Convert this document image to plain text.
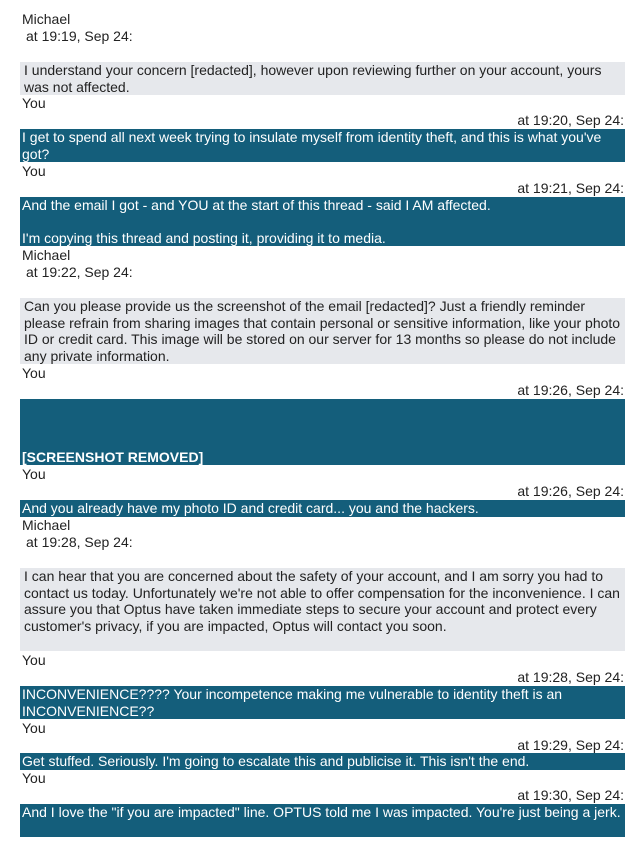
Michael
at 19:19, Sep 24:
I understand your concern [redacted], however upon reviewing further on your account, yours was not affected.
You
at 19:20, Sep 24:
I get to spend all next week trying to insulate myself from identity theft, and this is what you've got?
You
at 19:21, Sep 24:
And the email I got - and YOU at the start of this thread - said I AM affected.

I'm copying this thread and posting it, providing it to media.
Michael
at 19:22, Sep 24:
Can you please provide us the screenshot of the email [redacted]? Just a friendly reminder please refrain from sharing images that contain personal or sensitive information, like your photo ID or credit card. This image will be stored on our server for 13 months so please do not include any private information.
You
at 19:26, Sep 24:

[SCREENSHOT REMOVED]

So, you're calling me a liar now?

You
at 19:26, Sep 24:
And you already have my photo ID and credit card... you and the hackers.
Michael
at 19:28, Sep 24:
I can hear that you are concerned about the safety of your account, and I am sorry you had to contact us today. Unfortunately we're not able to offer compensation for the inconvenience. I can assure you that Optus have taken immediate steps to secure your account and protect every customer's privacy, if you are impacted, Optus will contact you soon.
You
at 19:28, Sep 24:
INCONVENIENCE???? Your incompetence making me vulnerable to identity theft is an INCONVENIENCE??
You
at 19:29, Sep 24:
Get stuffed. Seriously. I'm going to escalate this and publicise it. This isn't the end.
You
at 19:30, Sep 24:
And I love the "if you are impacted" line. OPTUS told me I was impacted. You're just being a jerk.
